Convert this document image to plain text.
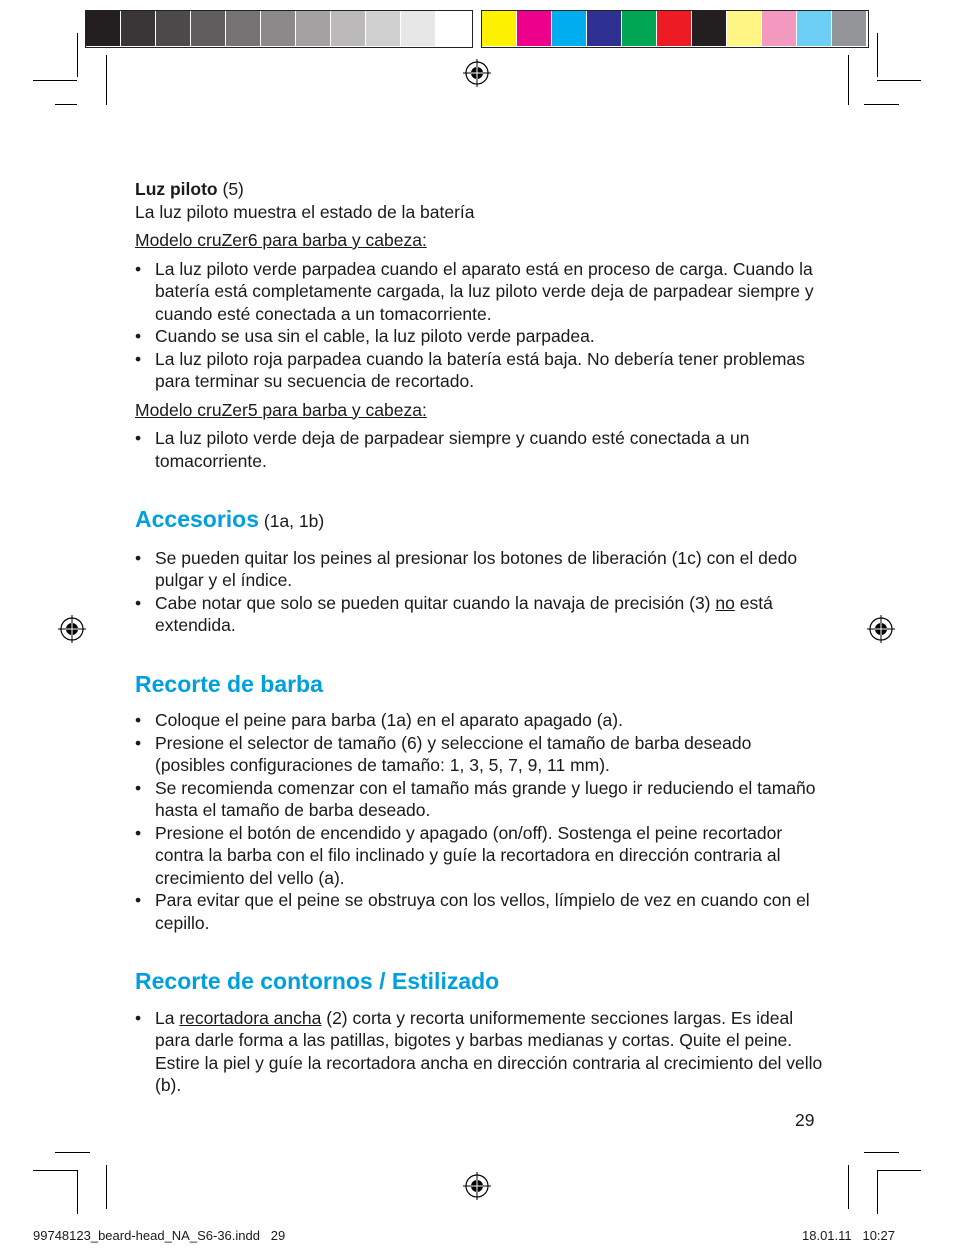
Luz piloto (5)

La luz piloto muestra el estado de la batería

Modelo cruZer6 para barba y cabeza:

• La luz piloto verde parpadea cuando el aparato está en proceso de carga. Cuando la batería está completamente cargada, la luz piloto verde deja de parpadear siempre y cuando esté conectada a un tomacorriente.
• Cuando se usa sin el cable, la luz piloto verde parpadea.
• La luz piloto roja parpadea cuando la batería está baja. No debería tener problemas para terminar su secuencia de recortado.

Modelo cruZer5 para barba y cabeza:

• La luz piloto verde deja de parpadear siempre y cuando esté conectada a un tomacorriente.

Accesorios (1a, 1b)

• Se pueden quitar los peines al presionar los botones de liberación (1c) con el dedo pulgar y el índice.
• Cabe notar que solo se pueden quitar cuando la navaja de precisión (3) no está extendida.

Recorte de barba

• Coloque el peine para barba (1a) en el aparato apagado (a).
• Presione el selector de tamaño (6) y seleccione el tamaño de barba deseado (posibles configuraciones de tamaño: 1, 3, 5, 7, 9, 11 mm).
• Se recomienda comenzar con el tamaño más grande y luego ir reduciendo el tamaño hasta el tamaño de barba deseado.
• Presione el botón de encendido y apagado (on/off). Sostenga el peine recortador contra la barba con el filo inclinado y guíe la recortadora en dirección contraria al crecimiento del vello (a).
• Para evitar que el peine se obstruya con los vellos, límpielo de vez en cuando con el cepillo.

Recorte de contornos / Estilizado

• La recortadora ancha (2) corta y recorta uniformemente secciones largas. Es ideal para darle forma a las patillas, bigotes y barbas medianas y cortas. Quite el peine. Estire la piel y guíe la recortadora ancha en dirección contraria al crecimiento del vello (b).
29
99748123_beard-head_NA_S6-36.indd   29	18.01.11   10:27
